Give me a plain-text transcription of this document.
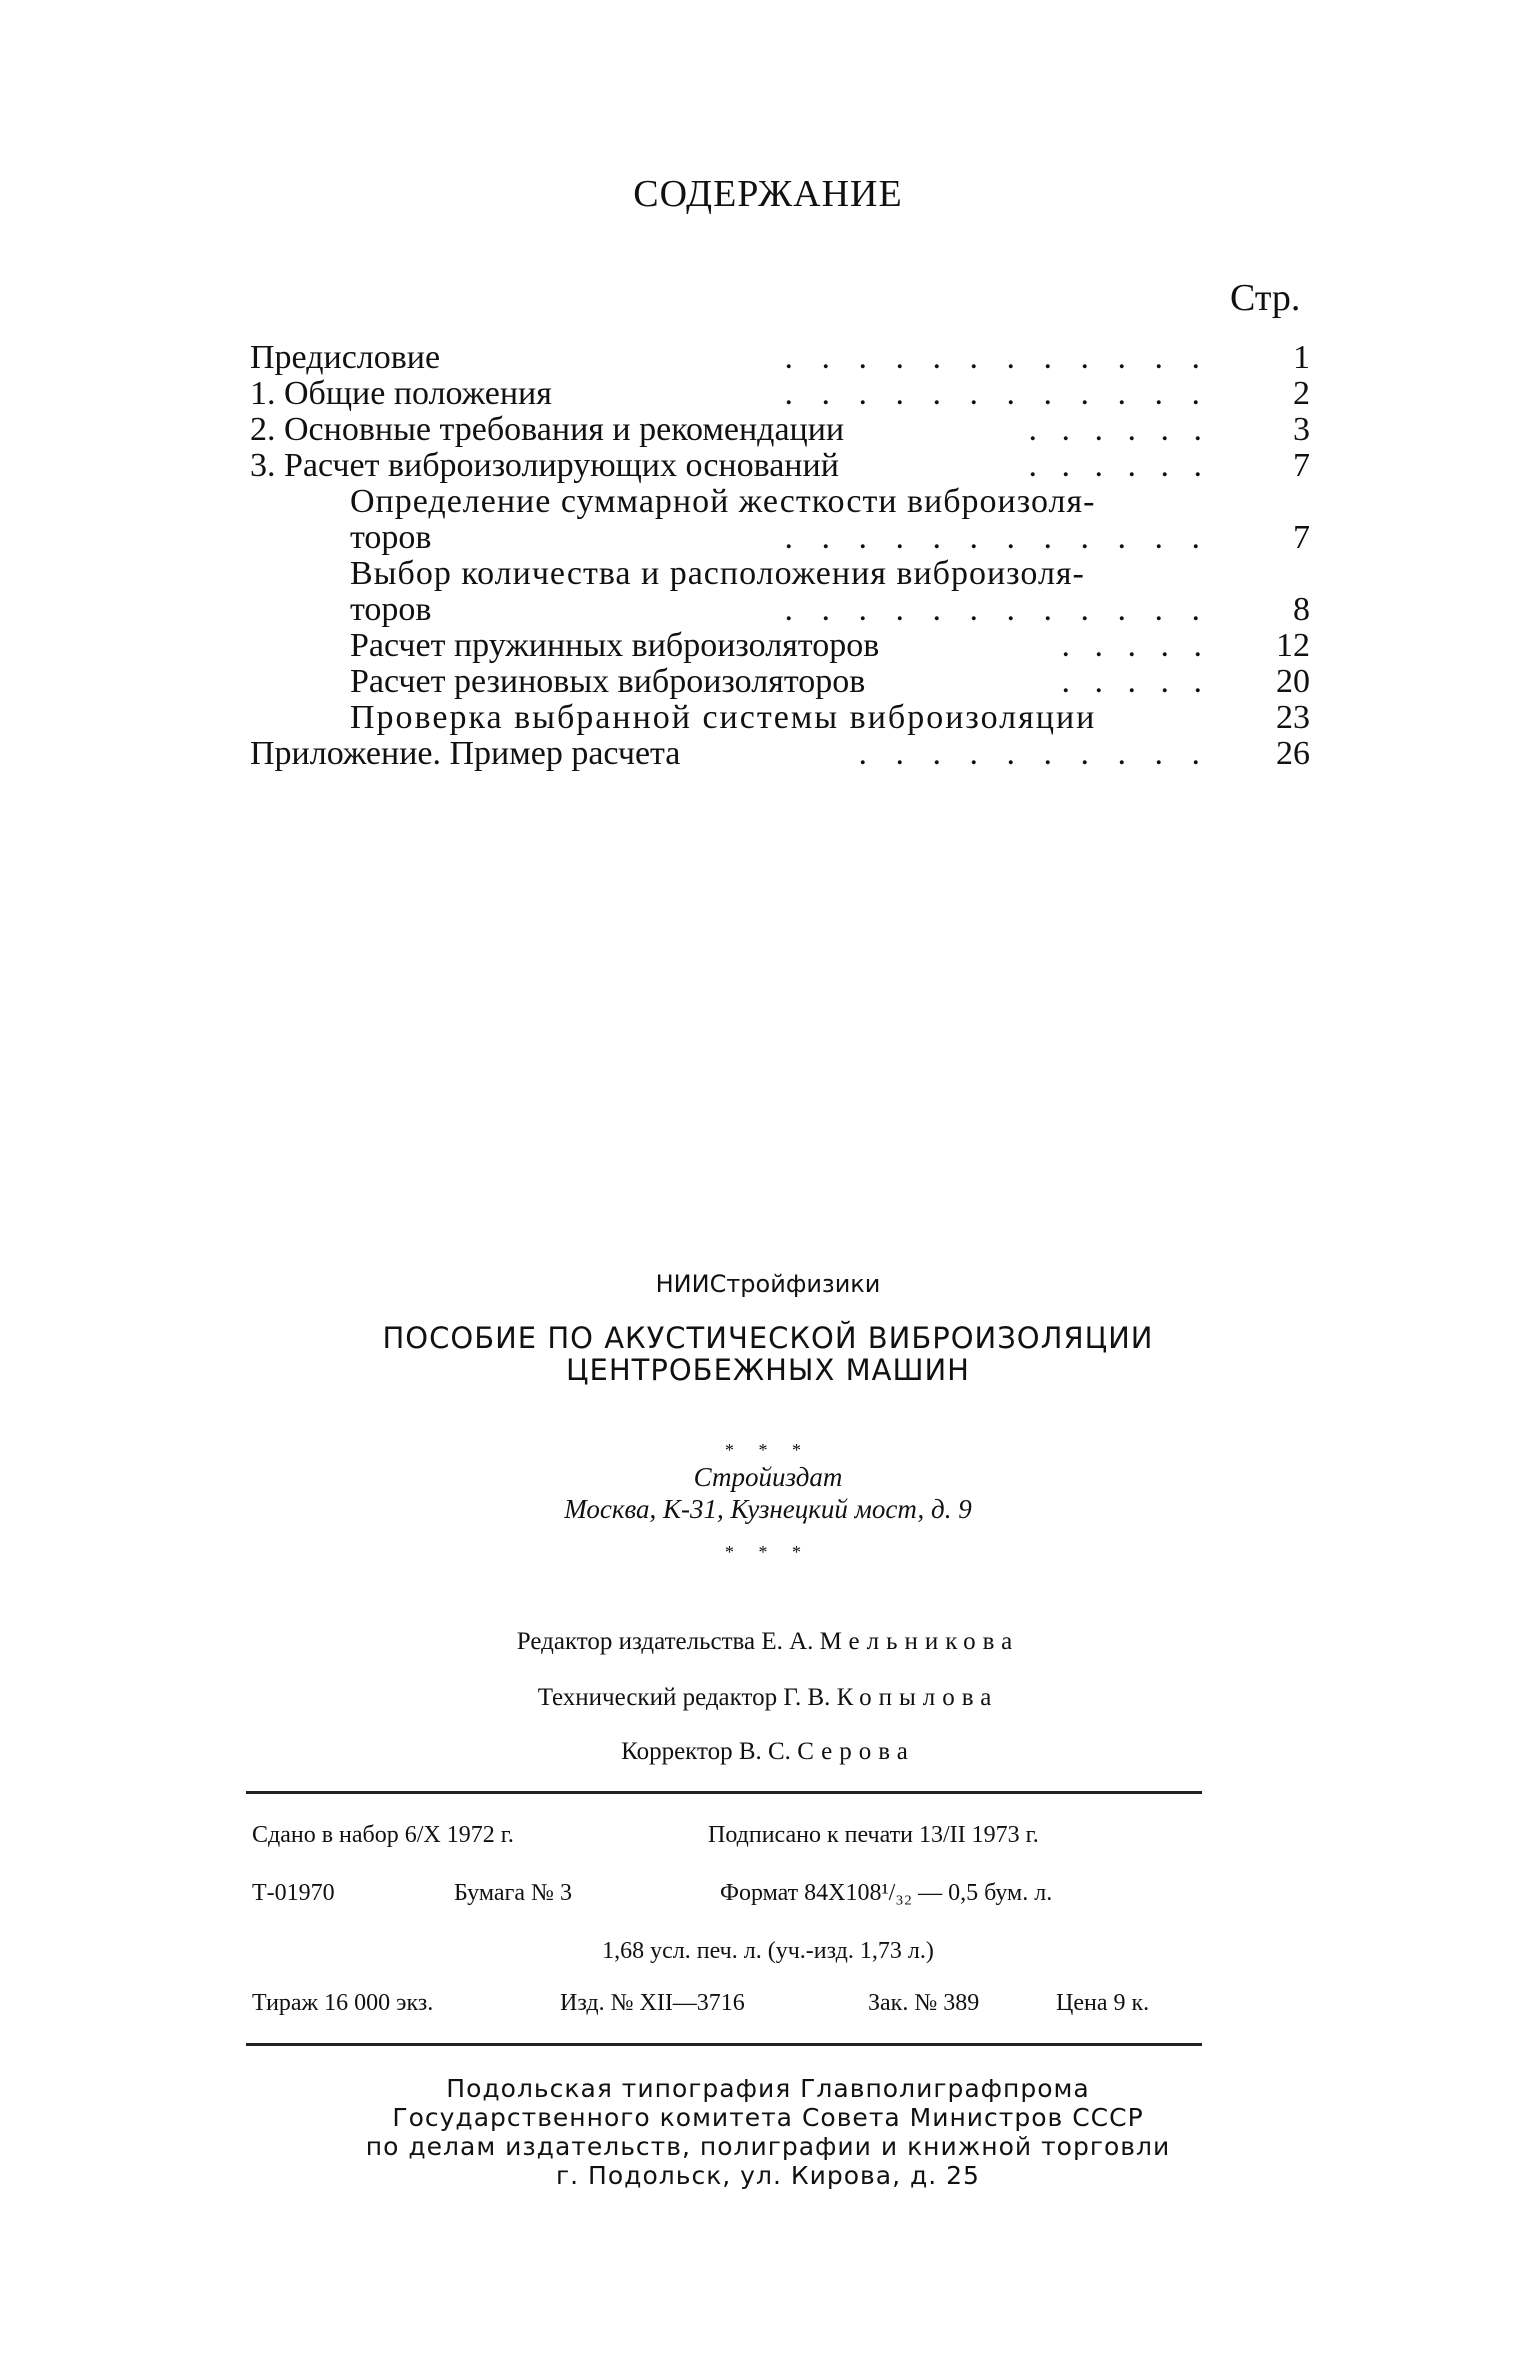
СОДЕРЖАНИЕ
Стр.
Предисловие	. . . . . . . . . . . .	1
1. Общие положения	. . . . . . . . . . . .	2
2. Основные требования и рекомендации	. . . . . .	3
3. Расчет виброизолирующих оснований	. . . . . .	7
Определение суммарной жесткости виброизоля-
торов	. . . . . . . . . . . .	7
Выбор количества и расположения виброизоля-
торов	. . . . . . . . . . . .	8
Расчет пружинных виброизоляторов	. . . . .	12
Расчет резиновых виброизоляторов	. . . . .	20
Проверка выбранной системы виброизоляции	23
Приложение. Пример расчета	. . . . . . . . . .	26
НИИСтройфизики
ПОСОБИЕ ПО АКУСТИЧЕСКОЙ ВИБРОИЗОЛЯЦИИ
ЦЕНТРОБЕЖНЫХ МАШИН
* * *
Стройиздат
Москва, К-31, Кузнецкий мост, д. 9
* * *
Редактор издательства Е. А. Мельникова
Технический редактор Г. В. Копылова
Корректор В. С. Серова
Сдано в набор 6/Х 1972 г.	Подписано к печати 13/II 1973 г.
Т-01970	Бумага № 3	Формат 84Х108¹/₃₂ — 0,5 бум. л.
1,68 усл. печ. л. (уч.-изд. 1,73 л.)
Тираж 16 000 экз.	Изд. № XII—3716	Зак. № 389	Цена 9 к.
Подольская типография Главполиграфпрома
Государственного комитета Совета Министров СССР
по делам издательств, полиграфии и книжной торговли
г. Подольск, ул. Кирова, д. 25
